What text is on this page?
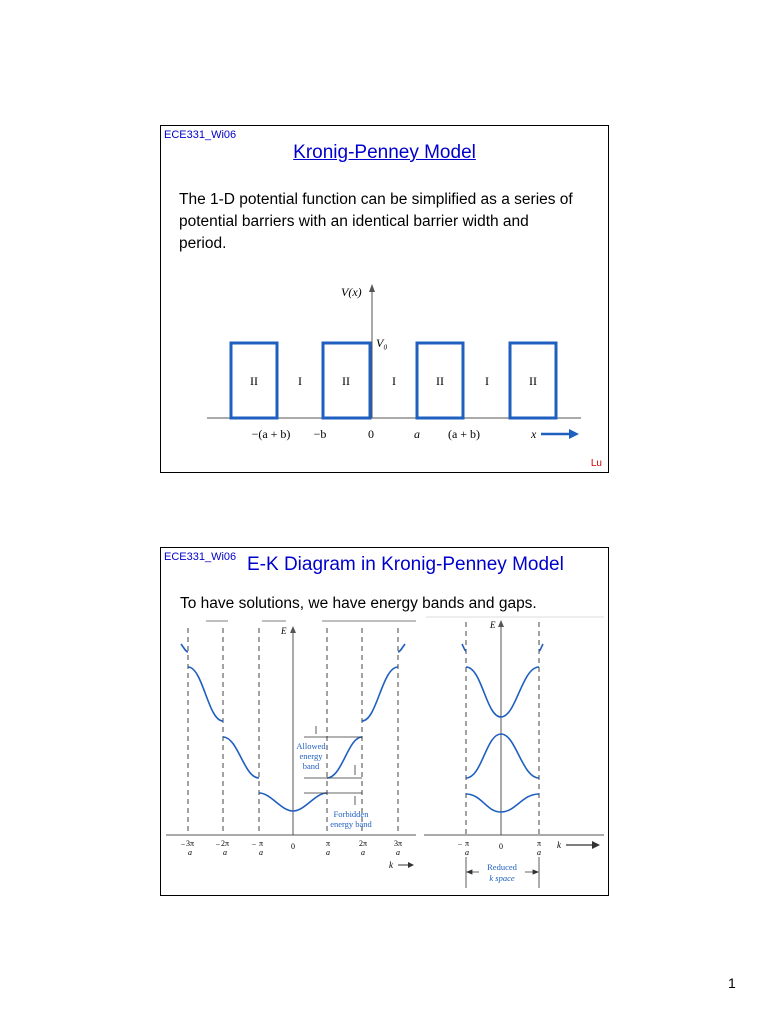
ECE331_Wi06
Kronig-Penney Model
The 1-D potential function can be simplified as a series of potential barriers with an identical barrier width and period.
V(x)
V₀
II	I	II	I	II	I	II
−(a + b) −b	0	a (a + b)	x
Lu
ECE331_Wi06 E-K Diagram in Kronig-Penney Model
To have solutions, we have energy bands and gaps.
E
Allowed
energy
band
Forbidden
energy band
− 3π
a
− 2π
a
− π
a
0	π
a
2π
a
3π
a
k
E
− π
a
0	π
a
k
Reduced
k space
1
